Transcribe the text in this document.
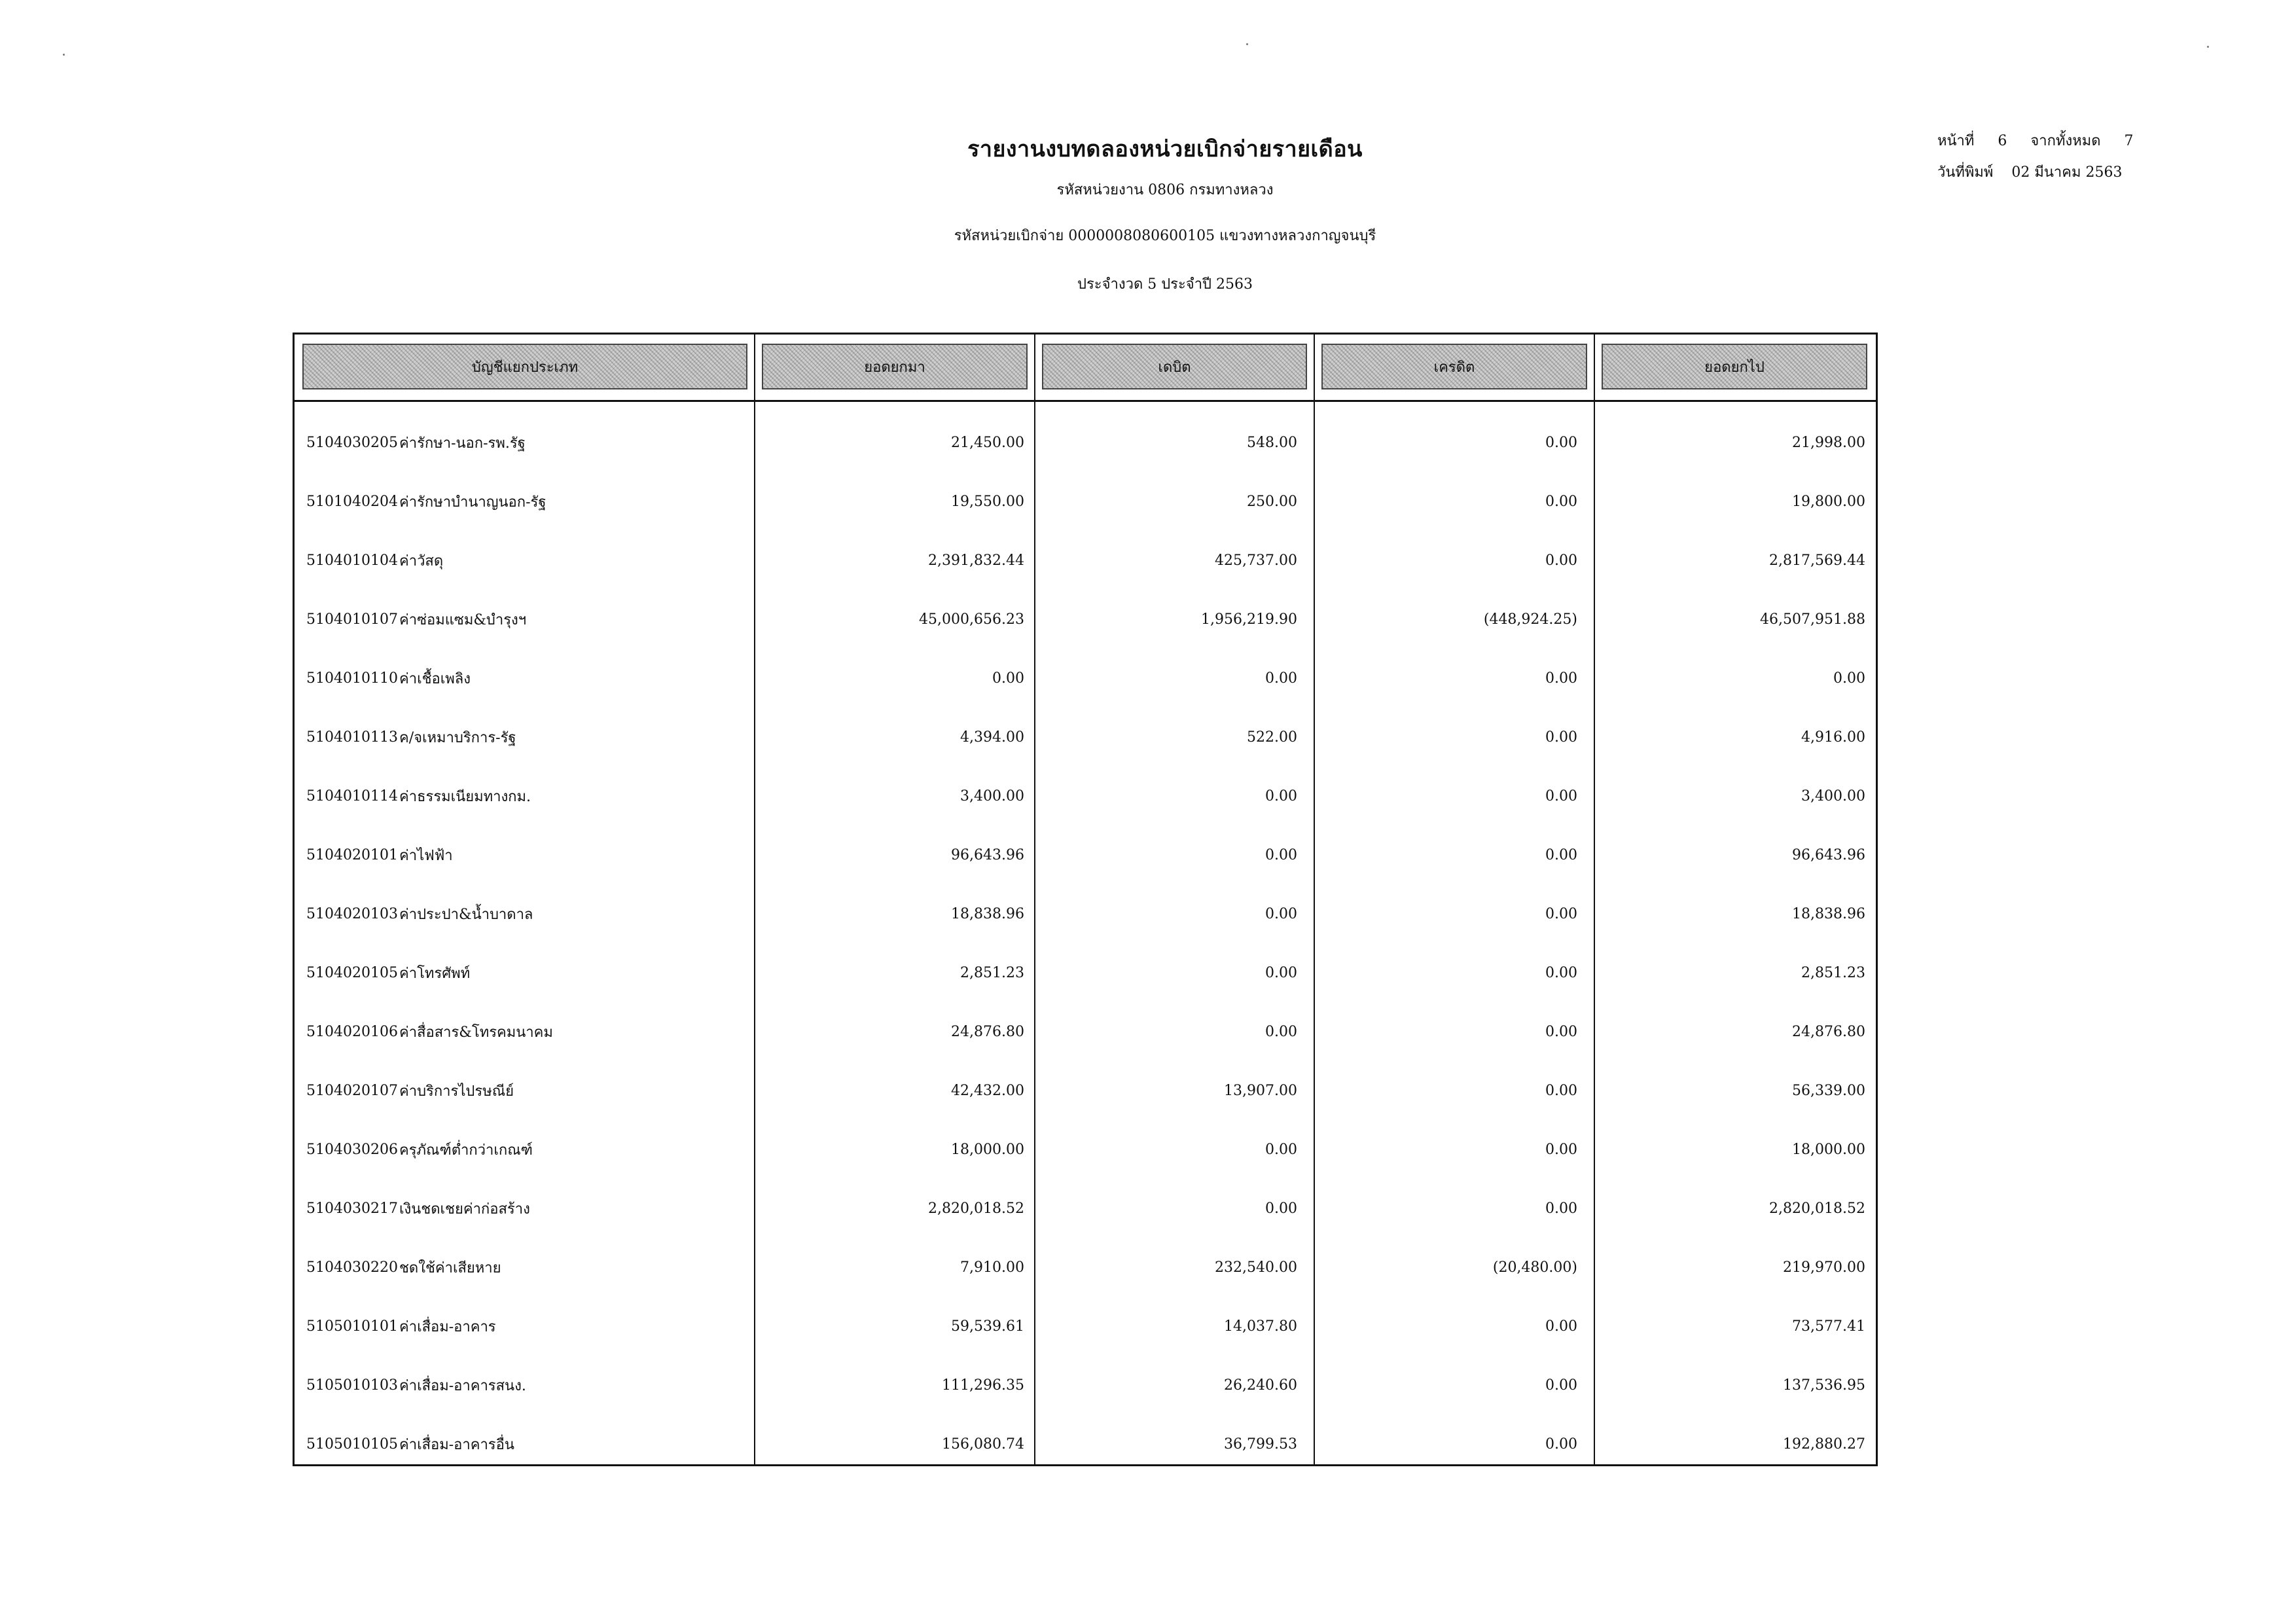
รายงานงบทดลองหน่วยเบิกจ่ายรายเดือน
รหัสหน่วยงาน 0806 กรมทางหลวง
รหัสหน่วยเบิกจ่าย 0000008080600105 แขวงทางหลวงกาญจนบุรี
ประจำงวด 5 ประจำปี 2563
หน้าที่	6	จากทั้งหมด	7
วันที่พิมพ์ 02 มีนาคม 2563
บัญชีแยกประเภท	ยอดยกมา	เดบิต	เครดิต	ยอดยกไป
5104030205 ค่ารักษา-นอก-รพ.รัฐ	21,450.00	548.00	0.00	21,998.00
5101040204 ค่ารักษาบำนาญนอก-รัฐ	19,550.00	250.00	0.00	19,800.00
5104010104 ค่าวัสดุ	2,391,832.44	425,737.00	0.00	2,817,569.44
5104010107 ค่าซ่อมแซม&บำรุงฯ	45,000,656.23	1,956,219.90	(448,924.25)	46,507,951.88
5104010110 ค่าเชื้อเพลิง	0.00	0.00	0.00	0.00
5104010113 ค/จเหมาบริการ-รัฐ	4,394.00	522.00	0.00	4,916.00
5104010114 ค่าธรรมเนียมทางกม.	3,400.00	0.00	0.00	3,400.00
5104020101 ค่าไฟฟ้า	96,643.96	0.00	0.00	96,643.96
5104020103 ค่าประปา&น้ำบาดาล	18,838.96	0.00	0.00	18,838.96
5104020105 ค่าโทรศัพท์	2,851.23	0.00	0.00	2,851.23
5104020106 ค่าสื่อสาร&โทรคมนาคม	24,876.80	0.00	0.00	24,876.80
5104020107 ค่าบริการไปรษณีย์	42,432.00	13,907.00	0.00	56,339.00
5104030206 ครุภัณฑ์ต่ำกว่าเกณฑ์	18,000.00	0.00	0.00	18,000.00
5104030217 เงินชดเชยค่าก่อสร้าง	2,820,018.52	0.00	0.00	2,820,018.52
5104030220 ชดใช้ค่าเสียหาย	7,910.00	232,540.00	(20,480.00)	219,970.00
5105010101 ค่าเสื่อม-อาคาร	59,539.61	14,037.80	0.00	73,577.41
5105010103 ค่าเสื่อม-อาคารสนง.	111,296.35	26,240.60	0.00	137,536.95
5105010105 ค่าเสื่อม-อาคารอื่น	156,080.74	36,799.53	0.00	192,880.27
